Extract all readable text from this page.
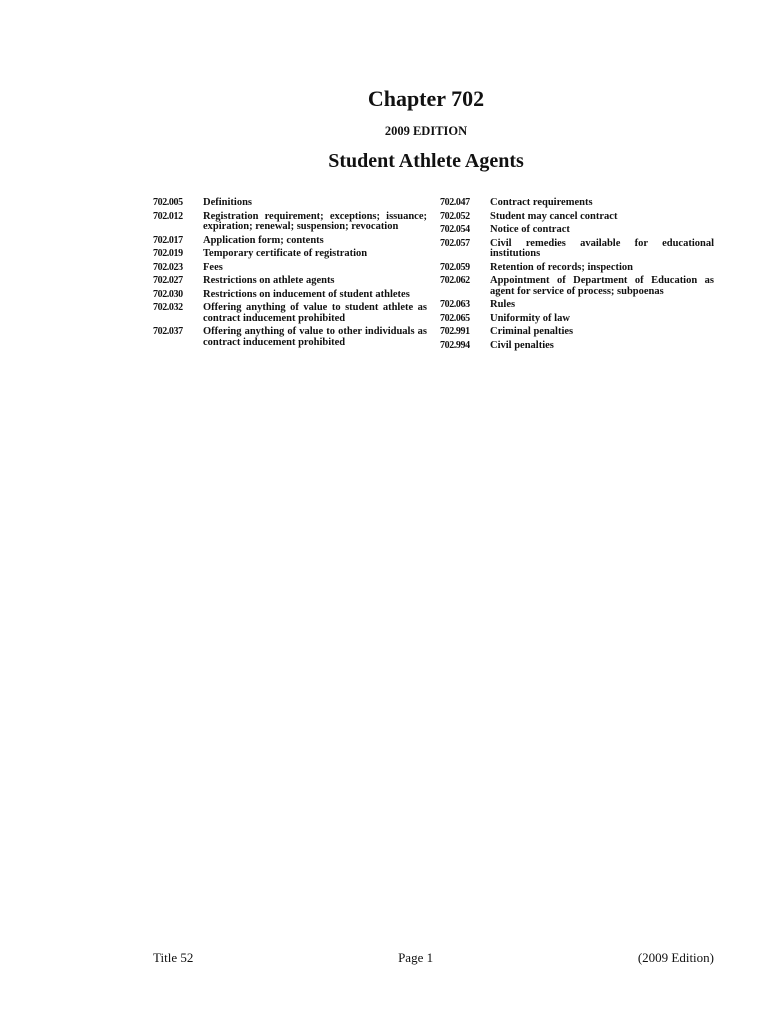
Chapter 702
2009 EDITION
Student Athlete Agents
702.005	Definitions
702.012	Registration requirement; exceptions; issuance; expiration; renewal; suspension; revocation
702.017	Application form; contents
702.019	Temporary certificate of registration
702.023	Fees
702.027	Restrictions on athlete agents
702.030	Restrictions on inducement of student athletes
702.032	Offering anything of value to student athlete as contract inducement prohibited
702.037	Offering anything of value to other individuals as contract inducement prohibited
702.047	Contract requirements
702.052	Student may cancel contract
702.054	Notice of contract
702.057	Civil remedies available for educational institutions
702.059	Retention of records; inspection
702.062	Appointment of Department of Education as agent for service of process; subpoenas
702.063	Rules
702.065	Uniformity of law
702.991	Criminal penalties
702.994	Civil penalties
Title 52	Page 1	(2009 Edition)
